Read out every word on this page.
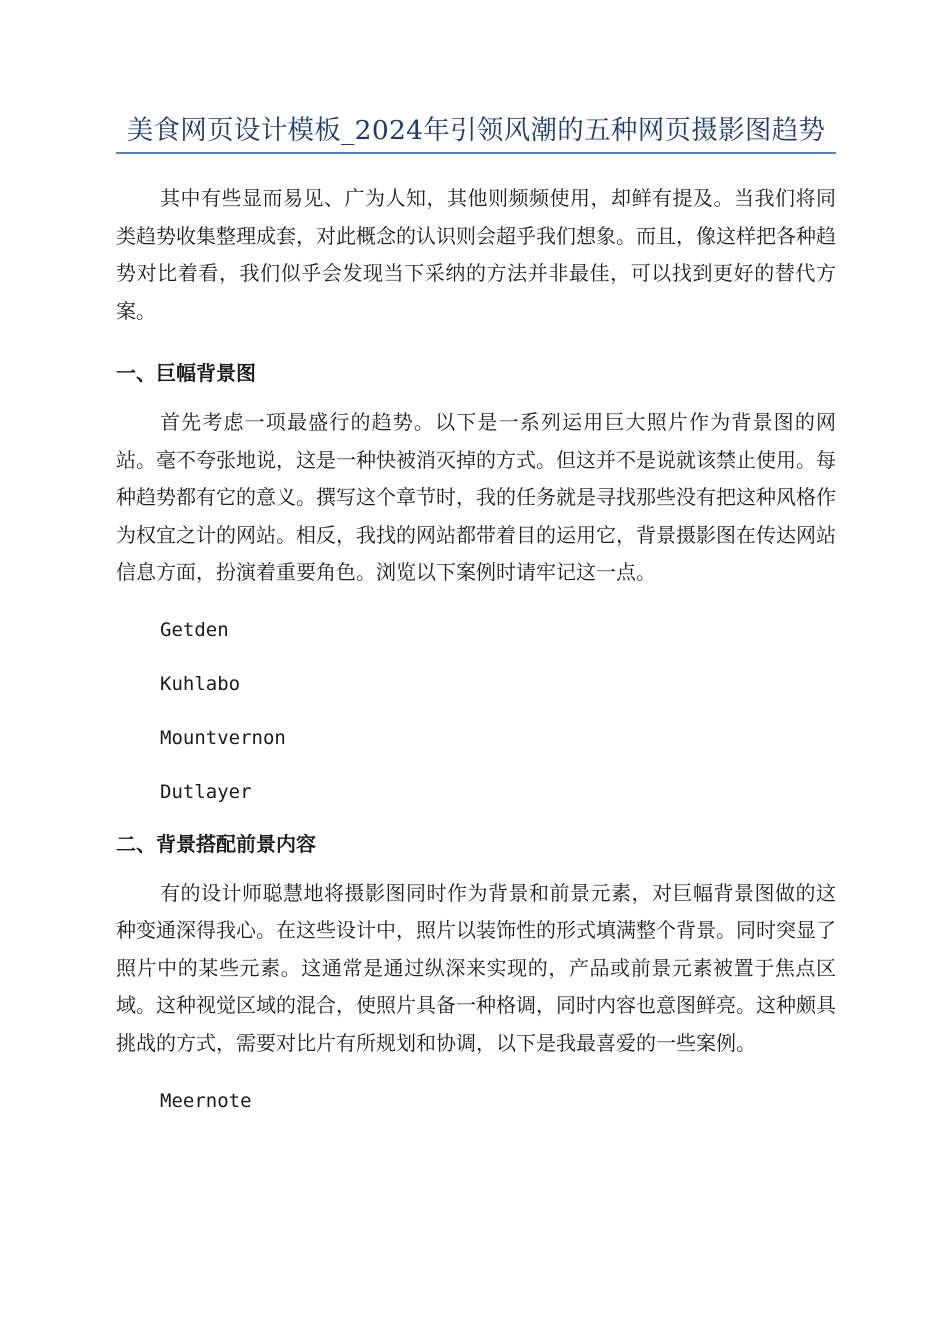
美食网页设计模板_2024年引领风潮的五种网页摄影图趋势

其中有些显而易见、广为人知，其他则频频使用，却鲜有提及。当我们将同类趋势收集整理成套，对此概念的认识则会超乎我们想象。而且，像这样把各种趋势对比着看，我们似乎会发现当下采纳的方法并非最佳，可以找到更好的替代方案。

一、巨幅背景图

首先考虑一项最盛行的趋势。以下是一系列运用巨大照片作为背景图的网站。毫不夸张地说，这是一种快被消灭掉的方式。但这并不是说就该禁止使用。每种趋势都有它的意义。撰写这个章节时，我的任务就是寻找那些没有把这种风格作为权宜之计的网站。相反，我找的网站都带着目的运用它，背景摄影图在传达网站信息方面，扮演着重要角色。浏览以下案例时请牢记这一点。

Getden

Kuhlabo

Mountvernon

Dutlayer

二、背景搭配前景内容

有的设计师聪慧地将摄影图同时作为背景和前景元素，对巨幅背景图做的这种变通深得我心。在这些设计中，照片以装饰性的形式填满整个背景。同时突显了照片中的某些元素。这通常是通过纵深来实现的，产品或前景元素被置于焦点区域。这种视觉区域的混合，使照片具备一种格调，同时内容也意图鲜亮。这种颇具挑战的方式，需要对比片有所规划和协调，以下是我最喜爱的一些案例。

Meernote
